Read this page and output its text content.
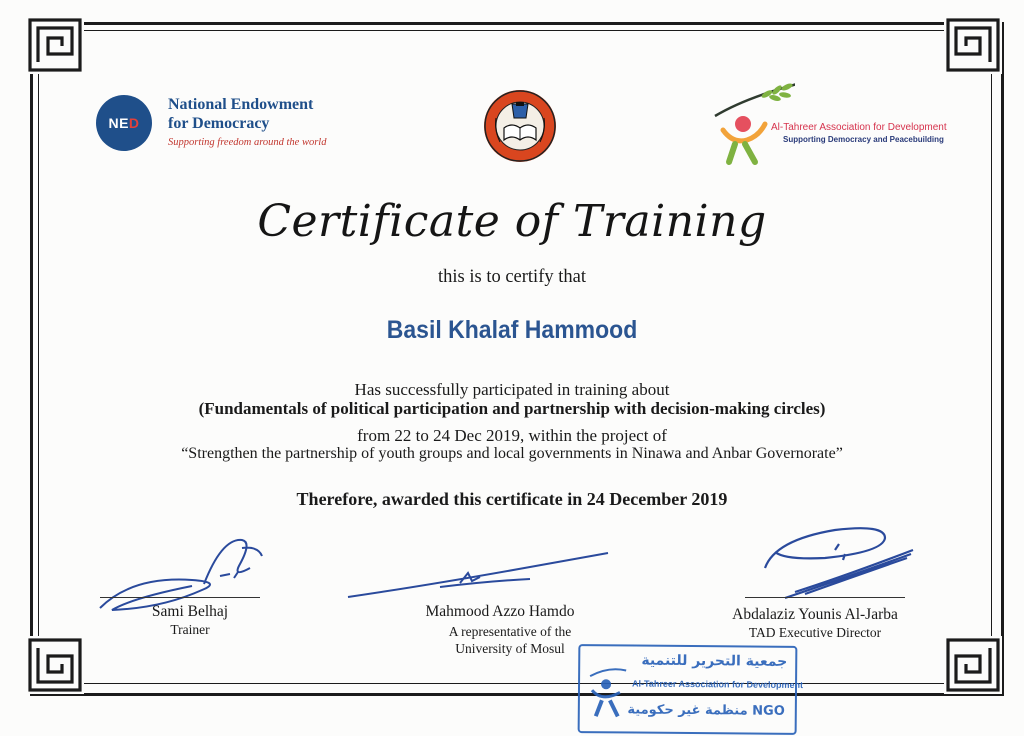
NED
National Endowment
for Democracy
Supporting freedom around the world
Al-Tahreer Association for Development
Supporting Democracy and Peacebuilding
Certificate of Training
this is to certify that
Basil Khalaf Hammood
Has successfully participated in training about
(Fundamentals of political participation and partnership with decision-making circles)
from 22 to 24 Dec 2019, within the project of
“Strengthen the partnership of youth groups and local governments in Ninawa and Anbar Governorate”
Therefore, awarded this certificate in 24 December 2019
Sami Belhaj
Trainer
Mahmood Azzo Hamdo
A representative of the
University of Mosul
Abdalaziz Younis Al-Jarba
TAD Executive Director
جمعية التحرير للتنمية
Al-Tahreer Association for Development
منظمة غير حكومية NGO
